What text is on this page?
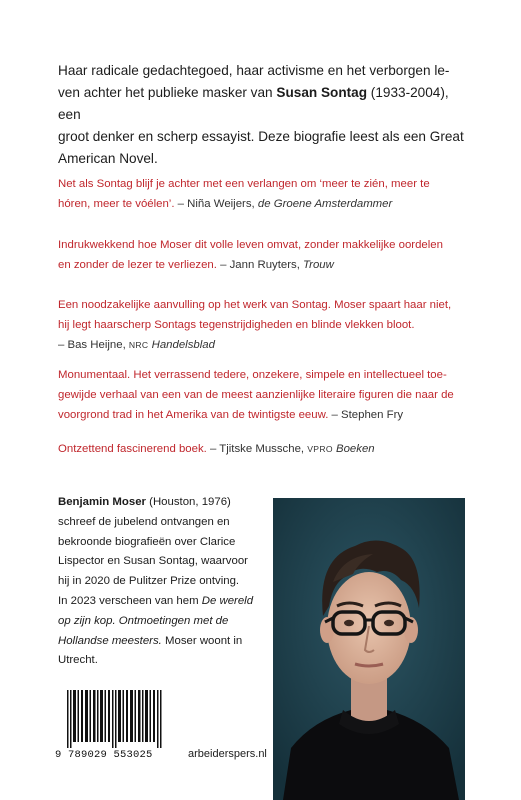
Haar radicale gedachtegoed, haar activisme en het verborgen le-
ven achter het publieke masker van Susan Sontag (1933-2004), een
groot denker en scherp essayist. Deze biografie leest als een Great
American Novel.
Net als Sontag blijf je achter met een verlangen om ‘meer te zién, meer te
hóren, meer te vóélen’. – Niña Weijers, de Groene Amsterdammer
Indrukwekkend hoe Moser dit volle leven omvat, zonder makkelijke oordelen
en zonder de lezer te verliezen. – Jann Ruyters, Trouw
Een noodzakelijke aanvulling op het werk van Sontag. Moser spaart haar niet,
hij legt haarscherp Sontags tegenstrijdigheden en blinde vlekken bloot.
– Bas Heijne, NRC Handelsblad
Monumentaal. Het verrassend tedere, onzekere, simpele en intellectueel toe-
gewijde verhaal van een van de meest aanzienlijke literaire figuren die naar de
voorgrond trad in het Amerika van de twintigste eeuw. – Stephen Fry
Ontzettend fascinerend boek. – Tjitske Mussche, VPRO Boeken
Benjamin Moser (Houston, 1976)
schreef de jubelend ontvangen en
bekroonde biografieën over Clarice
Lispector en Susan Sontag, waarvoor
hij in 2020 de Pulitzer Prize ontving.
In 2023 verscheen van hem De wereld
op zijn kop. Ontmoetingen met de
Hollandse meesters. Moser woont in
Utrecht.
9 789029 553025	arbeiderspers.nl
